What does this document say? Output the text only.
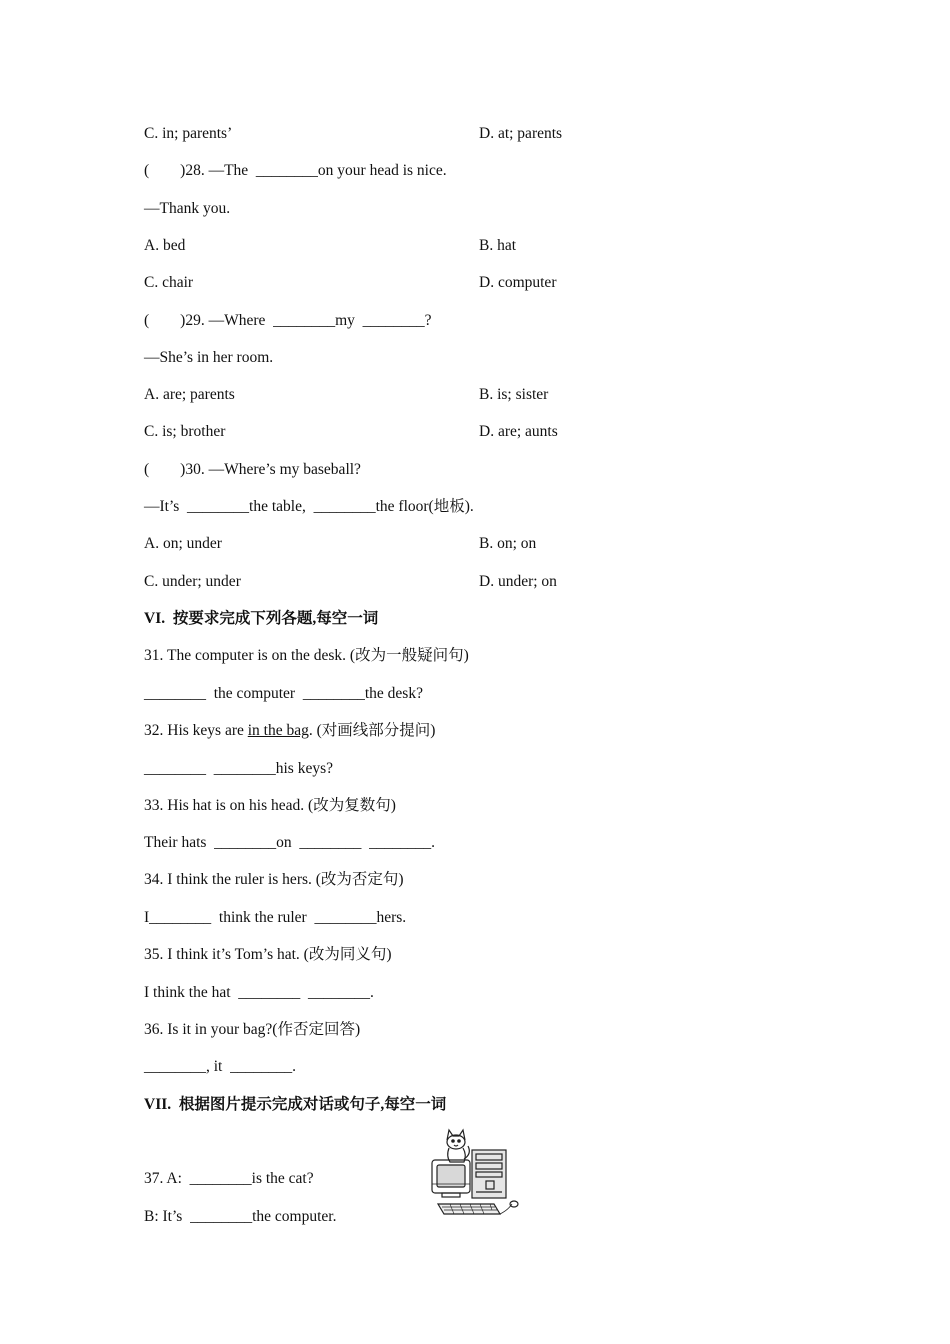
C. in; parents’	D. at; parents
(        )28. —The  ________on your head is nice.
—Thank you.
A. bed	B. hat
C. chair	D. computer
(        )29. —Where  ________my  ________?
—She’s in her room.
A. are; parents	B. is; sister
C. is; brother	D. are; aunts
(        )30. —Where’s my baseball?
—It’s  ________the table,  ________the floor(地板).
A. on; under	B. on; on
C. under; under	D. under; on
VI.  按要求完成下列各题,每空一词
31. The computer is on the desk. (改为一般疑问句)
________  the computer  ________the desk?
32. His keys are in the bag. (对画线部分提问)
________  ________his keys?
33. His hat is on his head. (改为复数句)
Their hats  ________on  ________  ________.
34. I think the ruler is hers. (改为否定句)
I________  think the ruler  ________hers.
35. I think it’s Tom’s hat. (改为同义句)
I think the hat  ________  ________.
36. Is it in your bag?(作否定回答)
________, it  ________.
VII.  根据图片提示完成对话或句子,每空一词
37. A:  ________is the cat?
B: It’s  ________the computer.
